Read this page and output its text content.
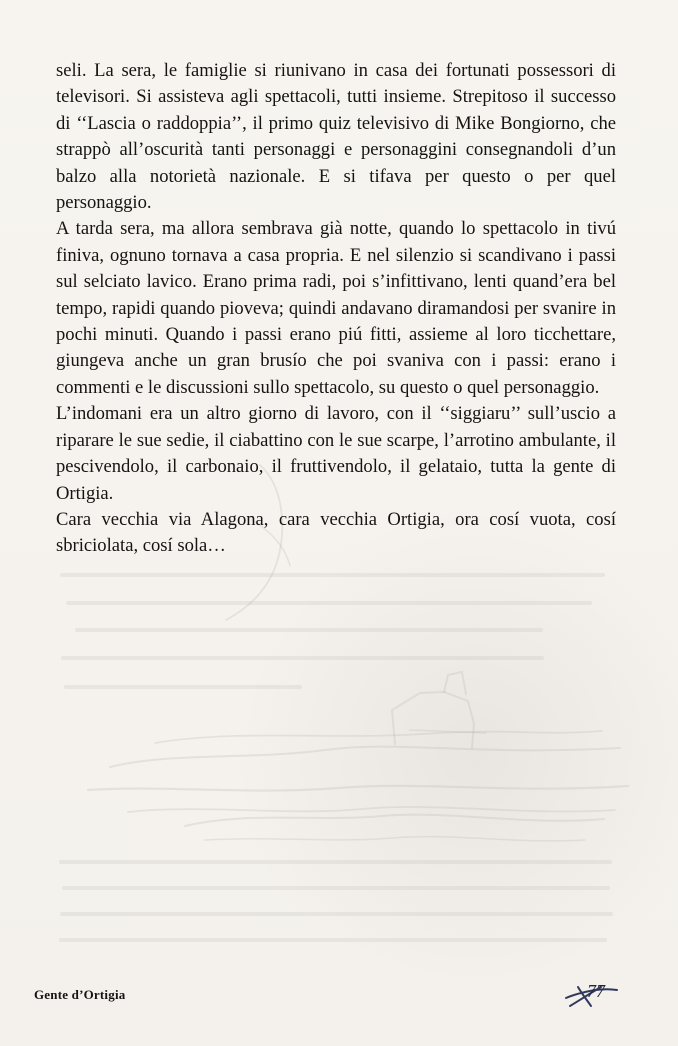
seli. La sera, le famiglie si riunivano in casa dei fortunati possessori di televisori. Si assisteva agli spettacoli, tutti insieme. Strepitoso il successo di ‘‘Lascia o raddoppia’’, il primo quiz televisivo di Mike Bongiorno, che strappò all’oscurità tanti personaggi e personaggini consegnandoli d’un balzo alla notorietà nazionale. E si tifava per questo o per quel personaggio.

A tarda sera, ma allora sembrava già notte, quando lo spettacolo in tivú finiva, ognuno tornava a casa propria. E nel silenzio si scandivano i passi sul selciato lavico. Erano prima radi, poi s’infittivano, lenti quand’era bel tempo, rapidi quando pioveva; quindi andavano diramandosi per svanire in pochi minuti. Quando i passi erano piú fitti, assieme al loro ticchettare, giungeva anche un gran brusío che poi svaniva con i passi: erano i commenti e le discussioni sullo spettacolo, su questo o quel personaggio.

L’indomani era un altro giorno di lavoro, con il ‘‘siggiaru’’ sull’uscio a riparare le sue sedie, il ciabattino con le sue scarpe, l’arrotino ambulante, il pescivendolo, il carbonaio, il fruttivendolo, il gelataio, tutta la gente di Ortigia.

Cara vecchia via Alagona, cara vecchia Ortigia, ora cosí vuota, cosí sbriciolata, cosí sola…

Gente d’Ortigia	77
